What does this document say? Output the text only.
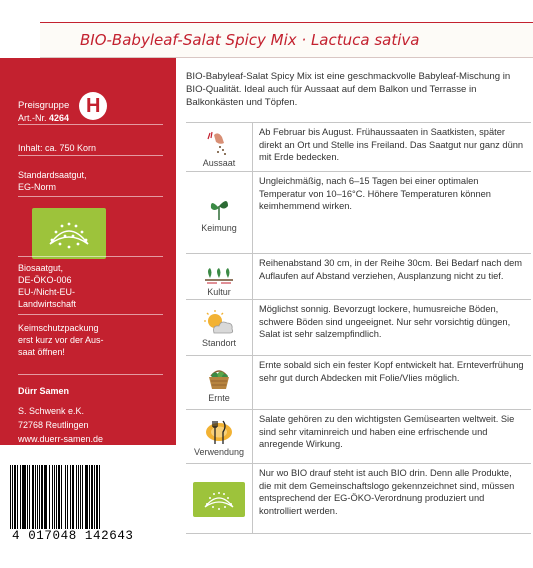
BIO-Babyleaf-Salat Spicy Mix · Lactuca sativa
Preisgruppe H
Art.-Nr. 4264
Inhalt: ca. 750 Korn
Standardsaatgut,
EG-Norm
Biosaatgut,
DE-ÖKO-006
EU-/Nicht-EU-
Landwirtschaft
Keimschutzpackung
erst kurz vor der Aus-
saat öffnen!
Dürr Samen
S. Schwenk e.K.
72768 Reutlingen
www.duerr-samen.de
4 017048 142643
BIO-Babyleaf-Salat Spicy Mix ist eine geschmackvolle Babyleaf-Mischung in BIO-Qualität. Ideal auch für Aussaat auf dem Balkon und Terrasse in Balkonkästen und Töpfen.
Aussaat
Ab Februar bis August. Frühaussaaten in Saatkisten, später direkt an Ort und Stelle ins Freiland. Das Saatgut nur ganz dünn mit Erde bedecken.
Keimung
Ungleichmäßig, nach 6–15 Tagen bei einer optimalen Temperatur von 10–16°C. Höhere Temperaturen können keimhemmend wirken.
Kultur
Reihenabstand 30 cm, in der Reihe 30cm. Bei Bedarf nach dem Auflaufen auf Abstand verziehen, Ausplanzung nicht zu tief.
Standort
Möglichst sonnig. Bevorzugt lockere, humusreiche Böden, schwere Böden sind ungeeignet. Nur sehr vorsichtig düngen, Salat ist sehr salzempfindlich.
Ernte
Ernte sobald sich ein fester Kopf entwickelt hat. Ernteverfrühung sehr gut durch Abdecken mit Folie/Vlies möglich.
Verwendung
Salate gehören zu den wichtigsten Gemüsearten weltweit. Sie sind sehr vitaminreich und haben eine erfrischende und anregende Wirkung.
Nur wo BIO drauf steht ist auch BIO drin. Denn alle Produkte, die mit dem Gemeinschaftslogo gekennzeichnet sind, müssen entsprechend der EG-ÖKO-Verordnung produziert und kontrolliert werden.
